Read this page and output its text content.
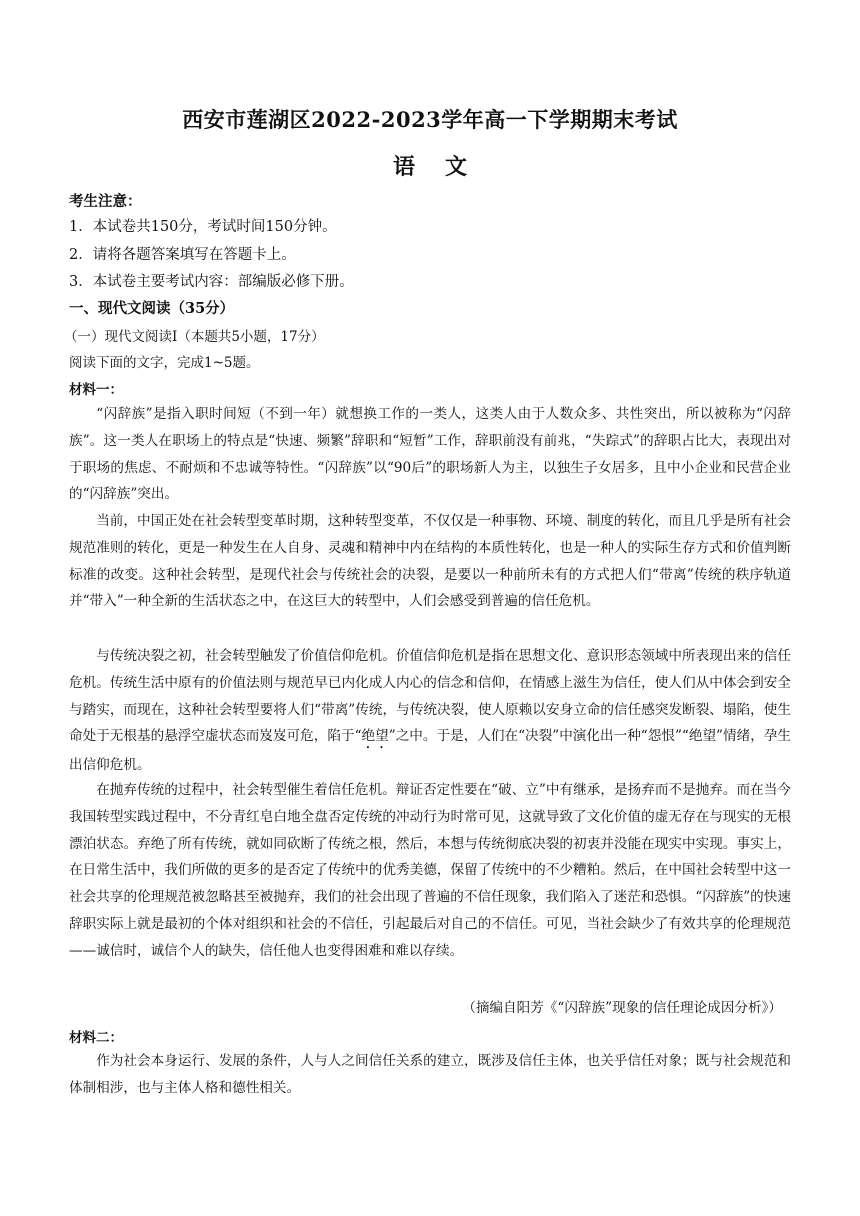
西安市莲湖区2022-2023学年高一下学期期末考试
语文
考生注意：
1．本试卷共150分，考试时间150分钟。
2．请将各题答案填写在答题卡上。
3．本试卷主要考试内容：部编版必修下册。
一、现代文阅读（35分）
（一）现代文阅读Ⅰ（本题共5小题，17分）
阅读下面的文字，完成1~5题。
材料一：

“闪辞族”是指入职时间短（不到一年）就想换工作的一类人，这类人由于人数众多、共性突出，所以被称为“闪辞族”。这一类人在职场上的特点是“快速、频繁”辞职和“短暂”工作，辞职前没有前兆，“失踪式”的辞职占比大，表现出对于职场的焦虑、不耐烦和不忠诚等特性。“闪辞族”以“90后”的职场新人为主，以独生子女居多，且中小企业和民营企业的“闪辞族”突出。

当前，中国正处在社会转型变革时期，这种转型变革，不仅仅是一种事物、环境、制度的转化，而且几乎是所有社会规范准则的转化，更是一种发生在人自身、灵魂和精神中内在结构的本质性转化，也是一种人的实际生存方式和价值判断标准的改变。这种社会转型，是现代社会与传统社会的决裂，是要以一种前所未有的方式把人们“带离”传统的秩序轨道并“带入”一种全新的生活状态之中，在这巨大的转型中，人们会感受到普遍的信任危机。

与传统决裂之初，社会转型触发了价值信仰危机。价值信仰危机是指在思想文化、意识形态领域中所表现出来的信任危机。传统生活中原有的价值法则与规范早已内化成人内心的信念和信仰，在情感上滋生为信任，使人们从中体会到安全与踏实，而现在，这种社会转型要将人们“带离”传统，与传统决裂，使人原赖以安身立命的信任感突发断裂、塌陷，使生命处于无根基的悬浮空虚状态而岌岌可危，陷于“绝望”之中。于是，人们在“决裂”中演化出一种“怨恨”“绝望”情绪，孕生出信仰危机。

在抛弃传统的过程中，社会转型催生着信任危机。辩证否定性要在“破、立”中有继承，是扬弃而不是抛弃。而在当今我国转型实践过程中，不分青红皂白地全盘否定传统的冲动行为时常可见，这就导致了文化价值的虚无存在与现实的无根漂泊状态。弃绝了所有传统，就如同砍断了传统之根，然后，本想与传统彻底决裂的初衷并没能在现实中实现。事实上，在日常生活中，我们所做的更多的是否定了传统中的优秀美德，保留了传统中的不少糟粕。然后，在中国社会转型中这一社会共享的伦理规范被忽略甚至被抛弃，我们的社会出现了普遍的不信任现象，我们陷入了迷茫和恐惧。“闪辞族”的快速辞职实际上就是最初的个体对组织和社会的不信任，引起最后对自己的不信任。可见，当社会缺少了有效共享的伦理规范——诚信时，诚信个人的缺失，信任他人也变得困难和难以存续。

（摘编自阳芳《“闪辞族”现象的信任理论成因分析》）
材料二：

作为社会本身运行、发展的条件，人与人之间信任关系的建立，既涉及信任主体，也关乎信任对象；既与社会规范和体制相涉，也与主体人格和德性相关。
